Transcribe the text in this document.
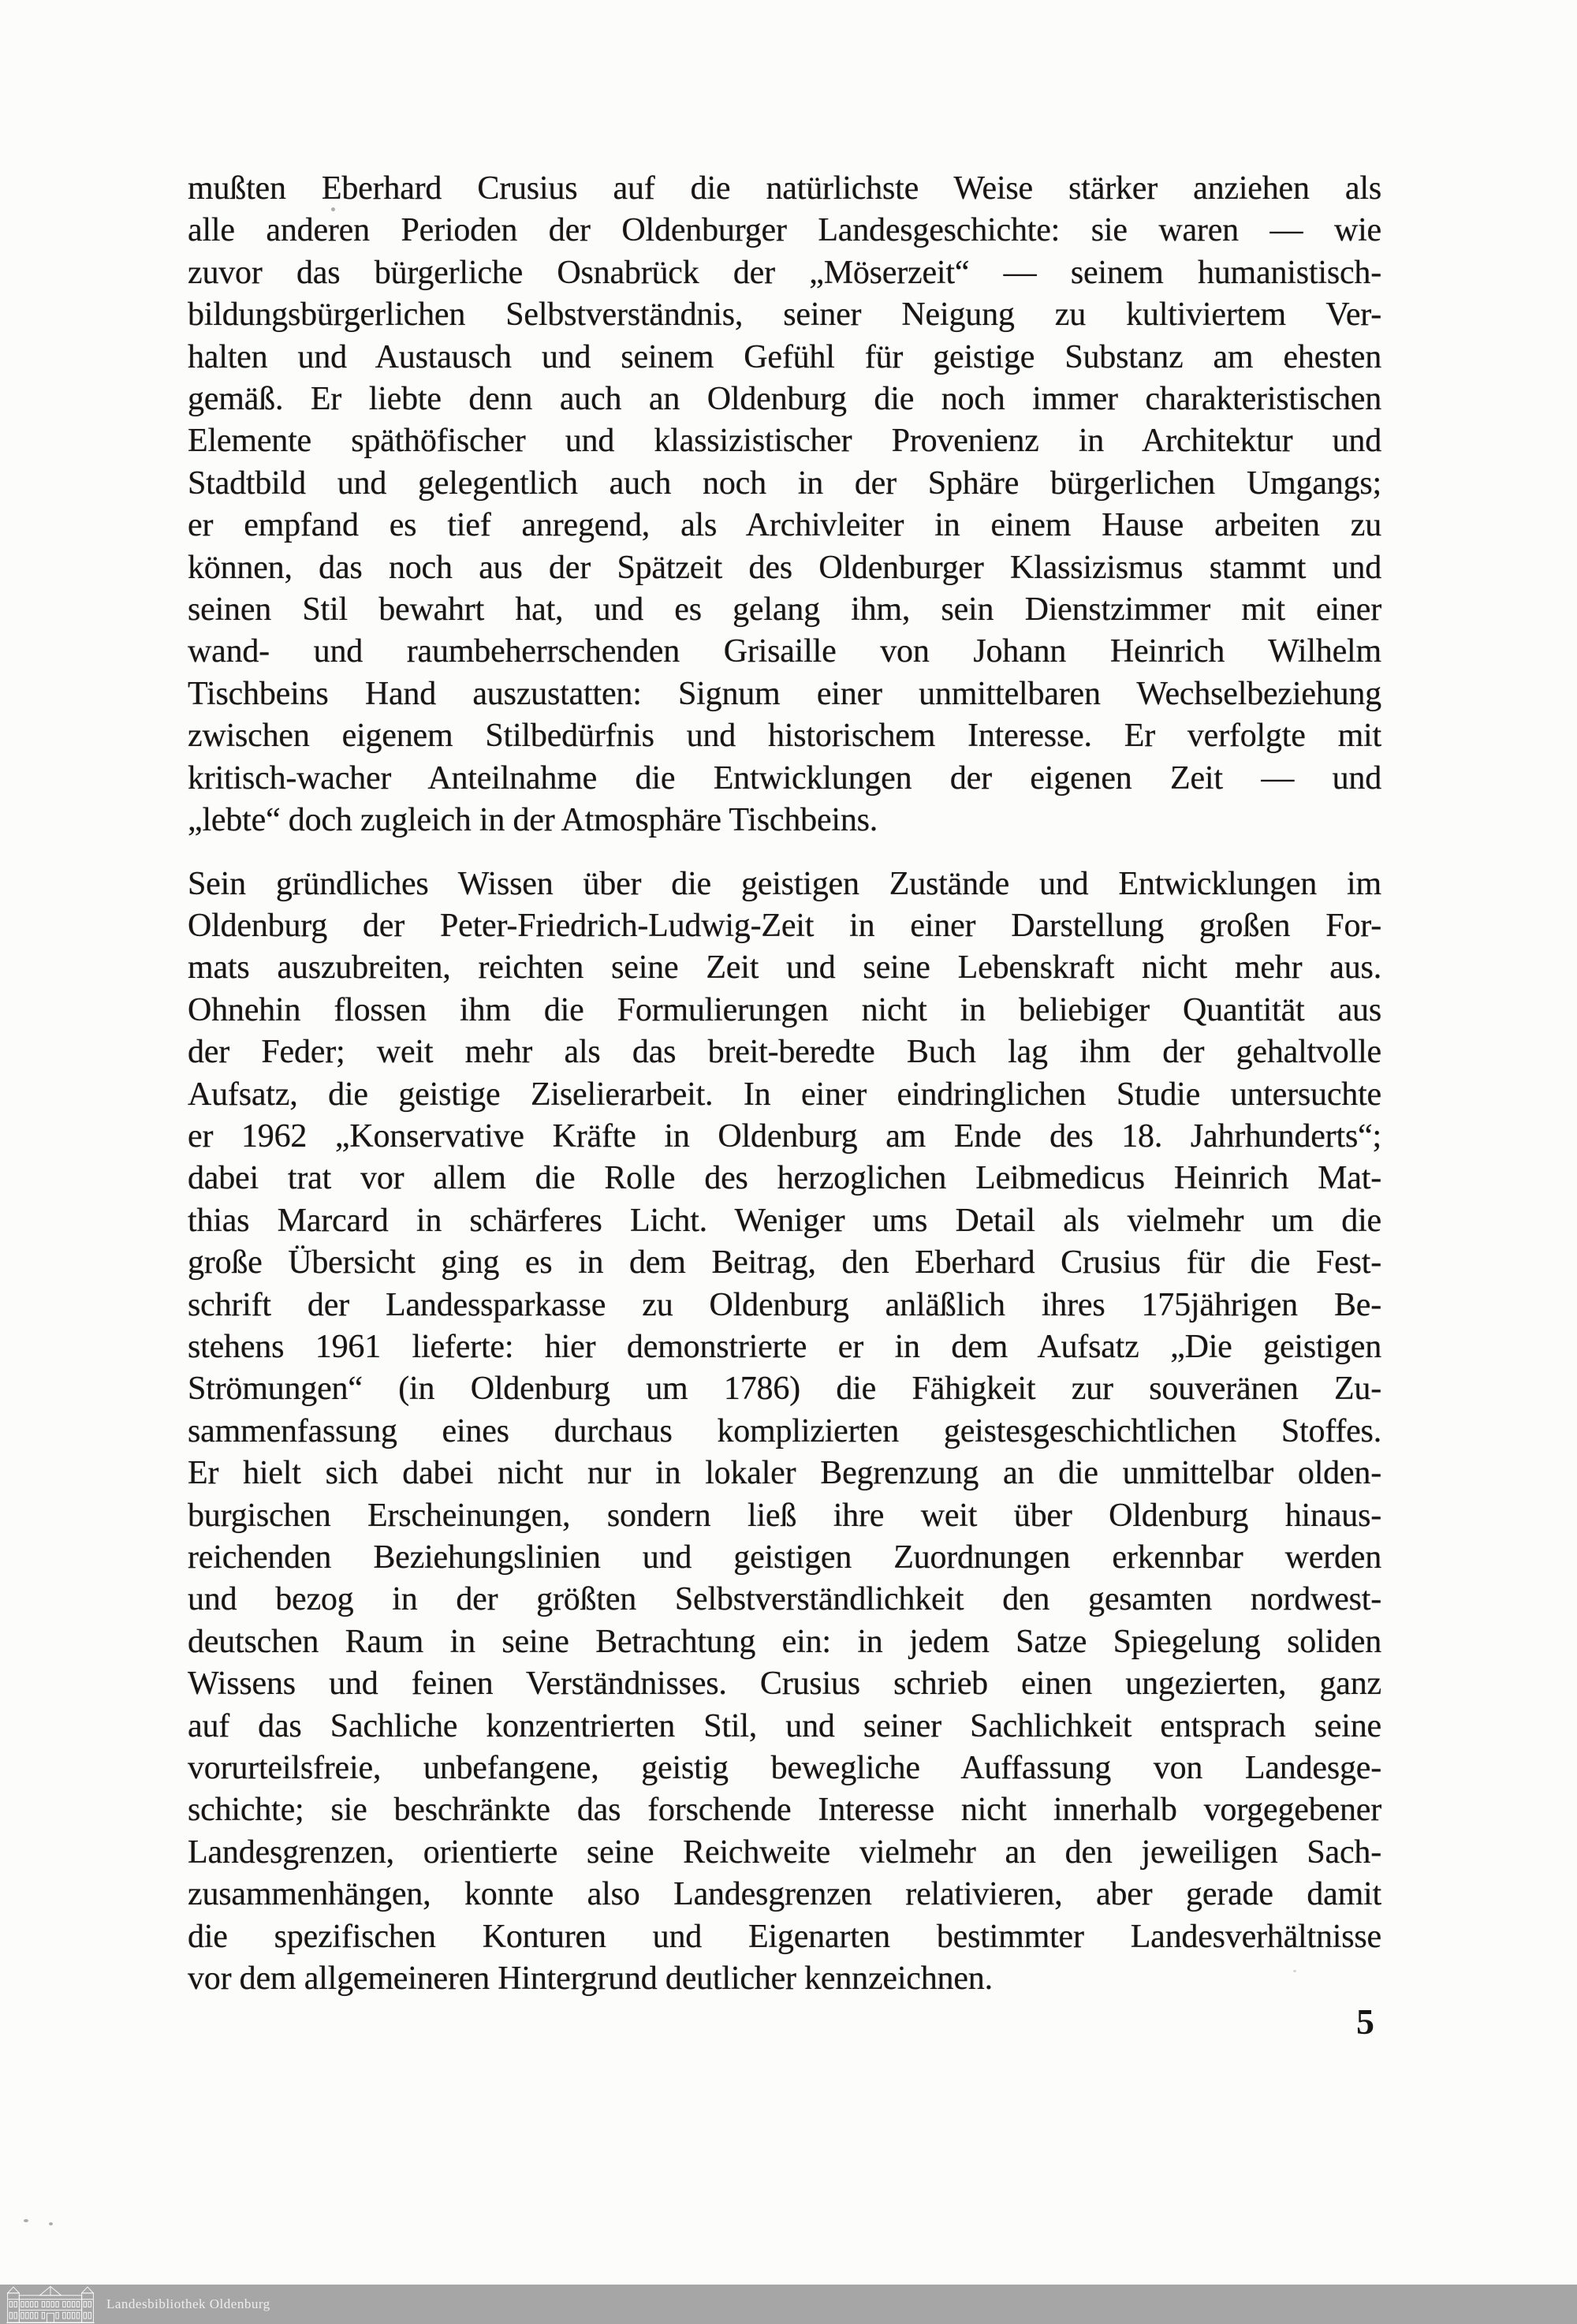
mußten Eberhard Crusius auf die natürlichste Weise stärker anziehen als
alle anderen Perioden der Oldenburger Landesgeschichte: sie waren — wie
zuvor das bürgerliche Osnabrück der „Möserzeit“ — seinem humanistisch-
bildungsbürgerlichen Selbstverständnis, seiner Neigung zu kultiviertem Ver-
halten und Austausch und seinem Gefühl für geistige Substanz am ehesten
gemäß. Er liebte denn auch an Oldenburg die noch immer charakteristischen
Elemente späthöfischer und klassizistischer Provenienz in Architektur und
Stadtbild und gelegentlich auch noch in der Sphäre bürgerlichen Umgangs;
er empfand es tief anregend, als Archivleiter in einem Hause arbeiten zu
können, das noch aus der Spätzeit des Oldenburger Klassizismus stammt und
seinen Stil bewahrt hat, und es gelang ihm, sein Dienstzimmer mit einer
wand- und raumbeherrschenden Grisaille von Johann Heinrich Wilhelm
Tischbeins Hand auszustatten: Signum einer unmittelbaren Wechselbeziehung
zwischen eigenem Stilbedürfnis und historischem Interesse. Er verfolgte mit
kritisch-wacher Anteilnahme die Entwicklungen der eigenen Zeit — und
„lebte“ doch zugleich in der Atmosphäre Tischbeins.
Sein gründliches Wissen über die geistigen Zustände und Entwicklungen im
Oldenburg der Peter-Friedrich-Ludwig-Zeit in einer Darstellung großen For-
mats auszubreiten, reichten seine Zeit und seine Lebenskraft nicht mehr aus.
Ohnehin flossen ihm die Formulierungen nicht in beliebiger Quantität aus
der Feder; weit mehr als das breit-beredte Buch lag ihm der gehaltvolle
Aufsatz, die geistige Ziselierarbeit. In einer eindringlichen Studie untersuchte
er 1962 „Konservative Kräfte in Oldenburg am Ende des 18. Jahrhunderts“;
dabei trat vor allem die Rolle des herzoglichen Leibmedicus Heinrich Mat-
thias Marcard in schärferes Licht. Weniger ums Detail als vielmehr um die
große Übersicht ging es in dem Beitrag, den Eberhard Crusius für die Fest-
schrift der Landessparkasse zu Oldenburg anläßlich ihres 175jährigen Be-
stehens 1961 lieferte: hier demonstrierte er in dem Aufsatz „Die geistigen
Strömungen“ (in Oldenburg um 1786) die Fähigkeit zur souveränen Zu-
sammenfassung eines durchaus komplizierten geistesgeschichtlichen Stoffes.
Er hielt sich dabei nicht nur in lokaler Begrenzung an die unmittelbar olden-
burgischen Erscheinungen, sondern ließ ihre weit über Oldenburg hinaus-
reichenden Beziehungslinien und geistigen Zuordnungen erkennbar werden
und bezog in der größten Selbstverständlichkeit den gesamten nordwest-
deutschen Raum in seine Betrachtung ein: in jedem Satze Spiegelung soliden
Wissens und feinen Verständnisses. Crusius schrieb einen ungezierten, ganz
auf das Sachliche konzentrierten Stil, und seiner Sachlichkeit entsprach seine
vorurteilsfreie, unbefangene, geistig bewegliche Auffassung von Landesge-
schichte; sie beschränkte das forschende Interesse nicht innerhalb vorgegebener
Landesgrenzen, orientierte seine Reichweite vielmehr an den jeweiligen Sach-
zusammenhängen, konnte also Landesgrenzen relativieren, aber gerade damit
die spezifischen Konturen und Eigenarten bestimmter Landesverhältnisse
vor dem allgemeineren Hintergrund deutlicher kennzeichnen.
5
Landesbibliothek Oldenburg
